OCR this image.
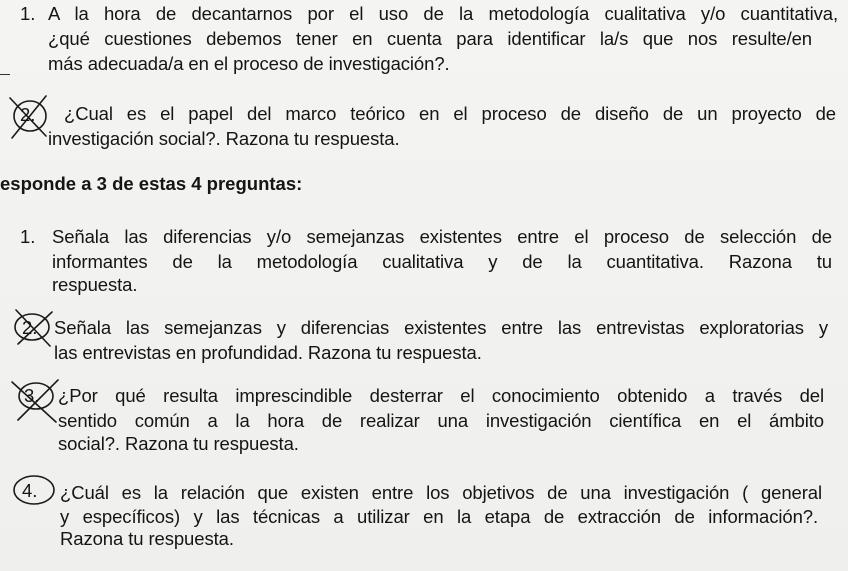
1. A la hora de decantarnos por el uso de la metodología cualitativa y/o cuantitativa,
¿qué cuestiones debemos tener en cuenta para identificar la/s que nos resulte/en
más adecuada/a en el proceso de investigación?.
2. ¿Cual es el papel del marco teórico en el proceso de diseño de un proyecto de
investigación social?. Razona tu respuesta.
esponde a 3 de estas 4 preguntas:
1. Señala las diferencias y/o semejanzas existentes entre el proceso de selección de
informantes de la metodología cualitativa y de la cuantitativa. Razona tu
respuesta.
2. Señala las semejanzas y diferencias existentes entre las entrevistas exploratorias y
las entrevistas en profundidad. Razona tu respuesta.
3. ¿Por qué resulta imprescindible desterrar el conocimiento obtenido a través del
sentido común a la hora de realizar una investigación científica en el ámbito
social?. Razona tu respuesta.
4. ¿Cuál es la relación que existen entre los objetivos de una investigación ( general
y específicos) y las técnicas a utilizar en la etapa de extracción de información?.
Razona tu respuesta.
